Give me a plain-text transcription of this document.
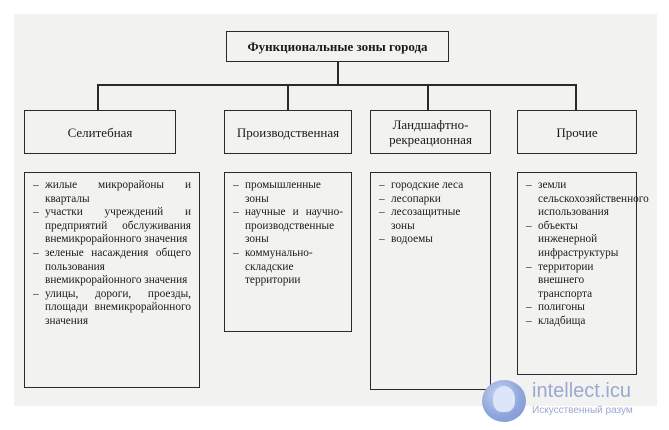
Функциональные зоны города
Селитебная	Производственная	Ландшафтно-рекреационная	Прочие
– жилые микрорайоны и кварталы
– участки учреждений и предприятий обслуживания внемикрорайонного значения
– зеленые насаждения общего пользования внемикрорайонного значения
– улицы, дороги, проезды, площади внемикрорайонного значения
– промышленные зоны
– научные и научно-производственные зоны
– коммунально-складские территории
– городские леса
– лесопарки
– лесозащитные зоны
– водоемы
– земли сельскохозяйственного использования
– объекты инженерной инфраструктуры
– территории внешнего транспорта
– полигоны
– кладбища
intellect.icu
Искусственный разум
